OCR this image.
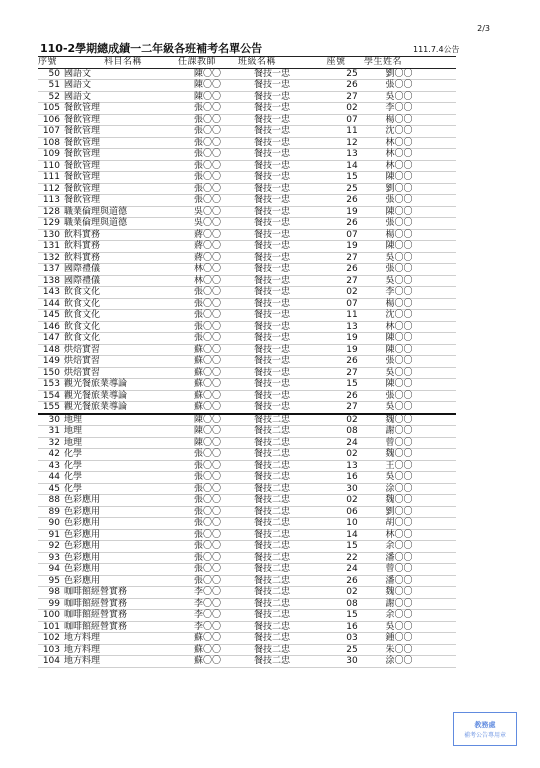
2/3
110-2學期總成績一二年級各班補考名單公告	111.7.4公告
序號	科目名稱	任課教師	班級名稱	座號	學生姓名
50 國語文	陳〇〇	餐技一忠	25	劉〇〇
51 國語文	陳〇〇	餐技一忠	26	張〇〇
52 國語文	陳〇〇	餐技一忠	27	吳〇〇
105 餐飲管理	張〇〇	餐技一忠	02	李〇〇
106 餐飲管理	張〇〇	餐技一忠	07	楊〇〇
107 餐飲管理	張〇〇	餐技一忠	11	沈〇〇
108 餐飲管理	張〇〇	餐技一忠	12	林〇〇
109 餐飲管理	張〇〇	餐技一忠	13	林〇〇
110 餐飲管理	張〇〇	餐技一忠	14	林〇〇
111 餐飲管理	張〇〇	餐技一忠	15	陳〇〇
112 餐飲管理	張〇〇	餐技一忠	25	劉〇〇
113 餐飲管理	張〇〇	餐技一忠	26	張〇〇
128 職業倫理與道德	吳〇〇	餐技一忠	19	陳〇〇
129 職業倫理與道德	吳〇〇	餐技一忠	26	張〇〇
130 飲料實務	蔣〇〇	餐技一忠	07	楊〇〇
131 飲料實務	蔣〇〇	餐技一忠	19	陳〇〇
132 飲料實務	蔣〇〇	餐技一忠	27	吳〇〇
137 國際禮儀	林〇〇	餐技一忠	26	張〇〇
138 國際禮儀	林〇〇	餐技一忠	27	吳〇〇
143 飲食文化	張〇〇	餐技一忠	02	李〇〇
144 飲食文化	張〇〇	餐技一忠	07	楊〇〇
145 飲食文化	張〇〇	餐技一忠	11	沈〇〇
146 飲食文化	張〇〇	餐技一忠	13	林〇〇
147 飲食文化	張〇〇	餐技一忠	19	陳〇〇
148 烘焙實習	蘇〇〇	餐技一忠	19	陳〇〇
149 烘焙實習	蘇〇〇	餐技一忠	26	張〇〇
150 烘焙實習	蘇〇〇	餐技一忠	27	吳〇〇
153 觀光餐旅業導論	蘇〇〇	餐技一忠	15	陳〇〇
154 觀光餐旅業導論	蘇〇〇	餐技一忠	26	張〇〇
155 觀光餐旅業導論	蘇〇〇	餐技一忠	27	吳〇〇
30 地理	陳〇〇	餐技二忠	02	魏〇〇
31 地理	陳〇〇	餐技二忠	08	謝〇〇
32 地理	陳〇〇	餐技二忠	24	曾〇〇
42 化學	張〇〇	餐技二忠	02	魏〇〇
43 化學	張〇〇	餐技二忠	13	王〇〇
44 化學	張〇〇	餐技二忠	16	吳〇〇
45 化學	張〇〇	餐技二忠	30	涂〇〇
88 色彩應用	張〇〇	餐技二忠	02	魏〇〇
89 色彩應用	張〇〇	餐技二忠	06	劉〇〇
90 色彩應用	張〇〇	餐技二忠	10	胡〇〇
91 色彩應用	張〇〇	餐技二忠	14	林〇〇
92 色彩應用	張〇〇	餐技二忠	15	余〇〇
93 色彩應用	張〇〇	餐技二忠	22	潘〇〇
94 色彩應用	張〇〇	餐技二忠	24	曾〇〇
95 色彩應用	張〇〇	餐技二忠	26	潘〇〇
98 咖啡館經營實務	李〇〇	餐技二忠	02	魏〇〇
99 咖啡館經營實務	李〇〇	餐技二忠	08	謝〇〇
100 咖啡館經營實務	李〇〇	餐技二忠	15	余〇〇
101 咖啡館經營實務	李〇〇	餐技二忠	16	吳〇〇
102 地方料理	蘇〇〇	餐技二忠	03	鍾〇〇
103 地方料理	蘇〇〇	餐技二忠	25	朱〇〇
104 地方料理	蘇〇〇	餐技二忠	30	涂〇〇
教務處
補考公告專用章
